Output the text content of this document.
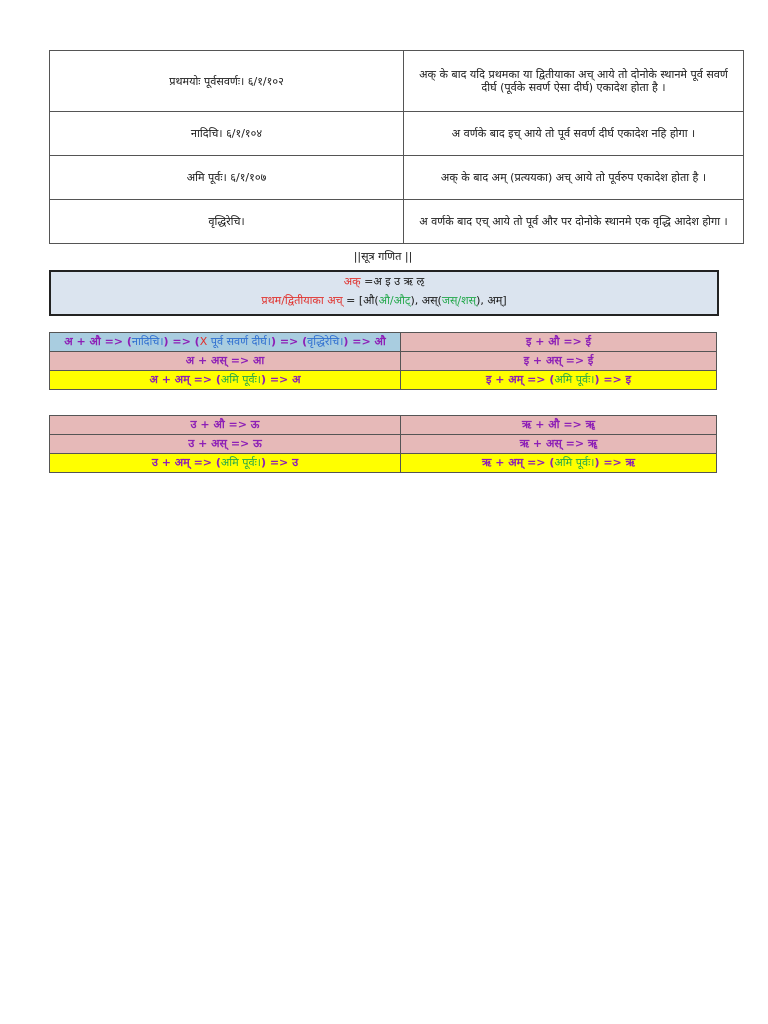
प्रथमयोः पूर्वसवर्णः। ६/१/१०२	अक् के बाद यदि प्रथमका या द्वितीयाका अच् आये तो दोनोके स्थानमे पूर्व सवर्ण दीर्घ (पूर्वके सवर्ण ऐसा दीर्घ) एकादेश होता है ।
नादिचि। ६/१/१०४	अ वर्णके बाद इच् आये तो पूर्व सवर्ण दीर्घ एकादेश नहि होगा ।
अमि पूर्वः। ६/१/१०७	अक् के बाद अम् (प्रत्ययका) अच् आये तो पूर्वरुप एकादेश होता है ।
वृद्धिरेचि।	अ वर्णके बाद एच् आये तो पूर्व और पर दोनोके स्थानमे एक वृद्धि आदेश होगा ।
||सूत्र गणित ||
अक् =अ इ उ ऋ ऌ
प्रथम/द्वितीयाका अच् = [औ(औ/औट्), अस्(जस्/शस्), अम्]
अ + औ => (नादिचि।) => (X पूर्व सवर्ण दीर्घ।) => (वृद्धिरेचि।) => औ	इ + औ => ई
अ + अस् => आ	इ + अस् => ई
अ + अम् => (अमि पूर्वः।) => अ	इ + अम् => (अमि पूर्वः।) => इ
उ + औ => ऊ	ऋ + औ => ॠ
उ + अस् => ऊ	ऋ + अस् => ॠ
उ + अम् => (अमि पूर्वः।) => उ	ऋ + अम् => (अमि पूर्वः।) => ऋ
